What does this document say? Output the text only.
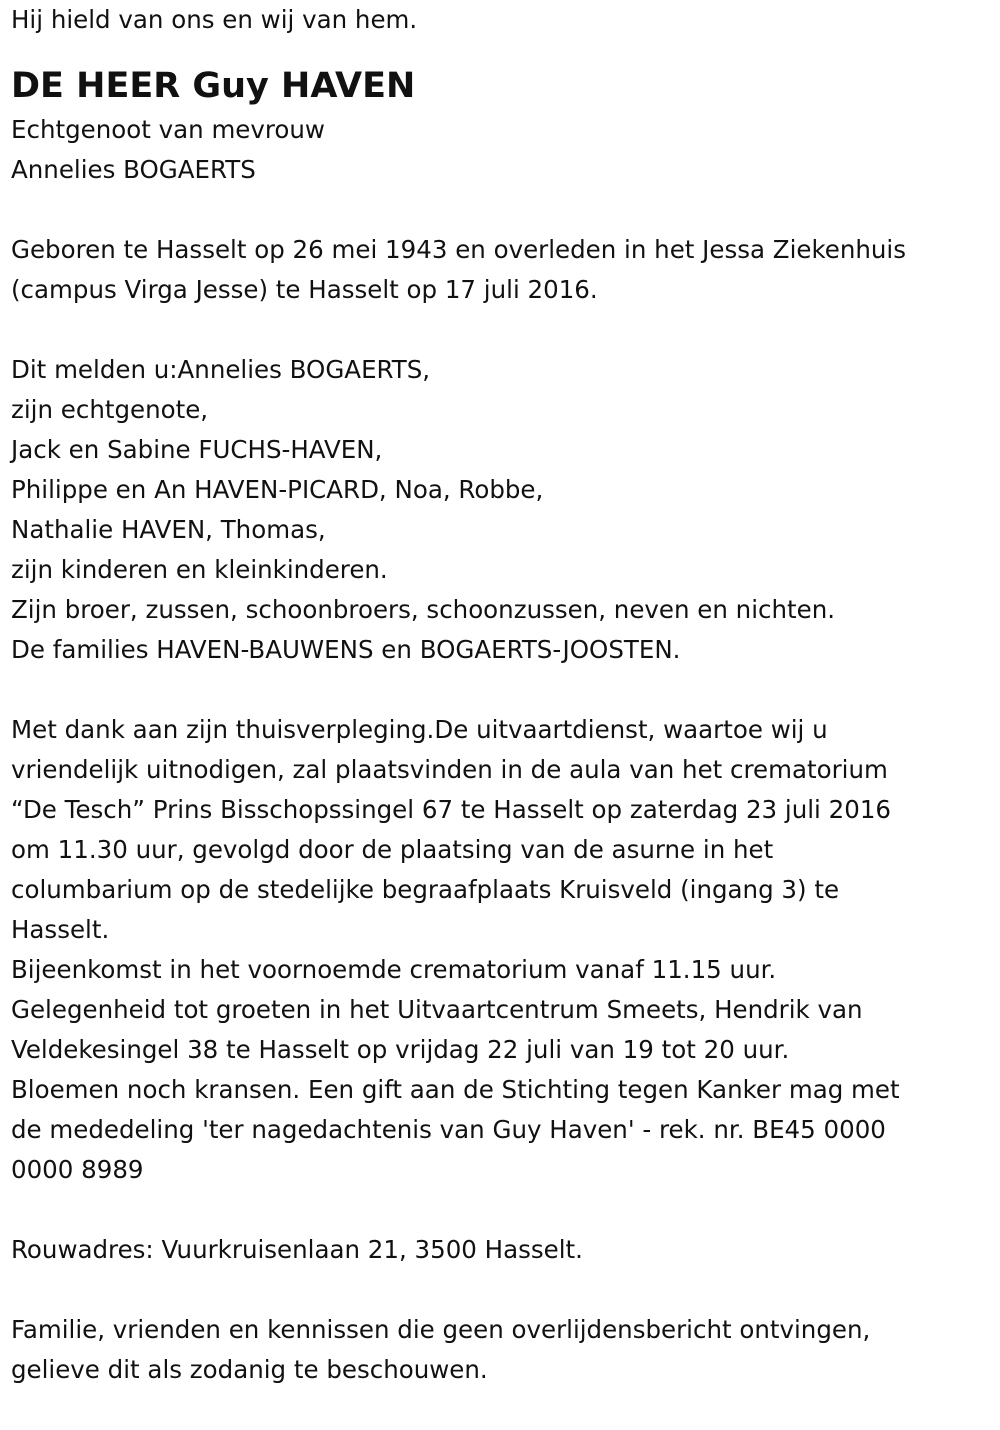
Hij hield van ons en wij van hem.

DE HEER Guy HAVEN

Echtgenoot van mevrouw

Annelies BOGAERTS

Geboren te Hasselt op 26 mei 1943 en overleden in het Jessa Ziekenhuis

(campus Virga Jesse) te Hasselt op 17 juli 2016.

Dit melden u:Annelies BOGAERTS,

zijn echtgenote,

Jack en Sabine FUCHS-HAVEN,

Philippe en An HAVEN-PICARD, Noa, Robbe,

Nathalie HAVEN, Thomas,

zijn kinderen en kleinkinderen.

Zijn broer, zussen, schoonbroers, schoonzussen, neven en nichten.

De families HAVEN-BAUWENS en BOGAERTS-JOOSTEN.

Met dank aan zijn thuisverpleging.De uitvaartdienst, waartoe wij u

vriendelijk uitnodigen, zal plaatsvinden in de aula van het crematorium

“De Tesch” Prins Bisschopssingel 67 te Hasselt op zaterdag 23 juli 2016

om 11.30 uur, gevolgd door de plaatsing van de asurne in het

columbarium op de stedelijke begraafplaats Kruisveld (ingang 3) te

Hasselt.

Bijeenkomst in het voornoemde crematorium vanaf 11.15 uur.

Gelegenheid tot groeten in het Uitvaartcentrum Smeets, Hendrik van

Veldekesingel 38 te Hasselt op vrijdag 22 juli van 19 tot 20 uur.

Bloemen noch kransen. Een gift aan de Stichting tegen Kanker mag met

de mededeling 'ter nagedachtenis van Guy Haven' - rek. nr. BE45 0000

0000 8989

Rouwadres: Vuurkruisenlaan 21, 3500 Hasselt.

Familie, vrienden en kennissen die geen overlijdensbericht ontvingen,

gelieve dit als zodanig te beschouwen.
